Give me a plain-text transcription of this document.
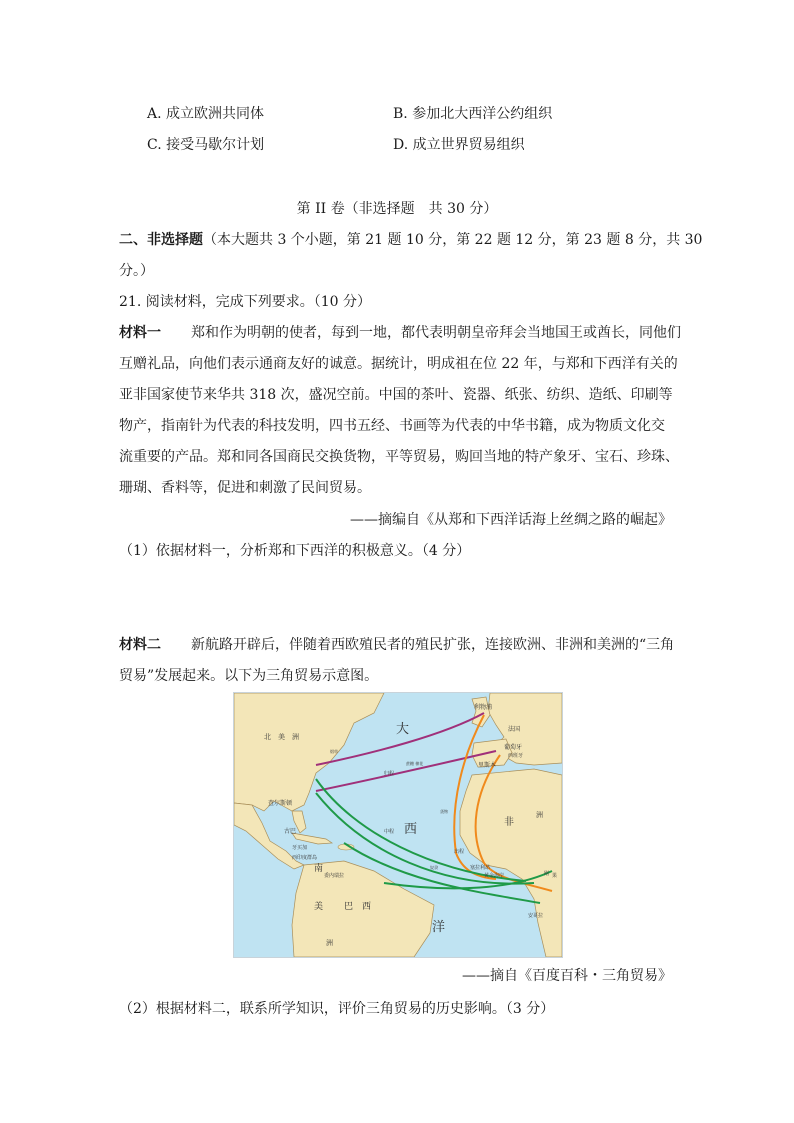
A. 成立欧洲共同体	B. 参加北大西洋公约组织
C. 接受马歇尔计划	D. 成立世界贸易组织
第 II 卷（非选择题　共 30 分）
二、非选择题（本大题共 3 个小题，第 21 题 10 分，第 22 题 12 分，第 23 题 8 分，共 30
分。）
21. 阅读材料，完成下列要求。（10 分）
材料一 郑和作为明朝的使者，每到一地，都代表明朝皇帝拜会当地国王或酋长，同他们
互赠礼品，向他们表示通商友好的诚意。据统计，明成祖在位 22 年，与郑和下西洋有关的
亚非国家使节来华共 318 次，盛况空前。中国的茶叶、瓷器、纸张、纺织、造纸、印刷等
物产，指南针为代表的科技发明，四书五经、书画等为代表的中华书籍，成为物质文化交
流重要的产品。郑和同各国商民交换货物，平等贸易，购回当地的特产象牙、宝石、珍珠、
珊瑚、香料等，促进和刺激了民间贸易。
——摘编自《从郑和下西洋话海上丝绸之路的崛起》
（1）依据材料一，分析郑和下西洋的积极意义。（4 分）
材料二 新航路开辟后，伴随着西欧殖民者的殖民扩张，连接欧洲、非洲和美洲的“三角
贸易”发展起来。以下为三角贸易示意图。
北　美　洲	大
西
洋
非
洲
南
美
洲
巴　西
查尔斯顿
古巴
牙买加
西印度群岛
委内瑞拉
利物浦
法国
葡萄牙
西班牙
里斯本
塞拉利昂
黄金海岸
安哥拉
出程
中程
归程
蔗糖 棉花
烟草
奴隶
货物
刚 果
——摘自《百度百科・三角贸易》
（2）根据材料二，联系所学知识，评价三角贸易的历史影响。（3 分）
